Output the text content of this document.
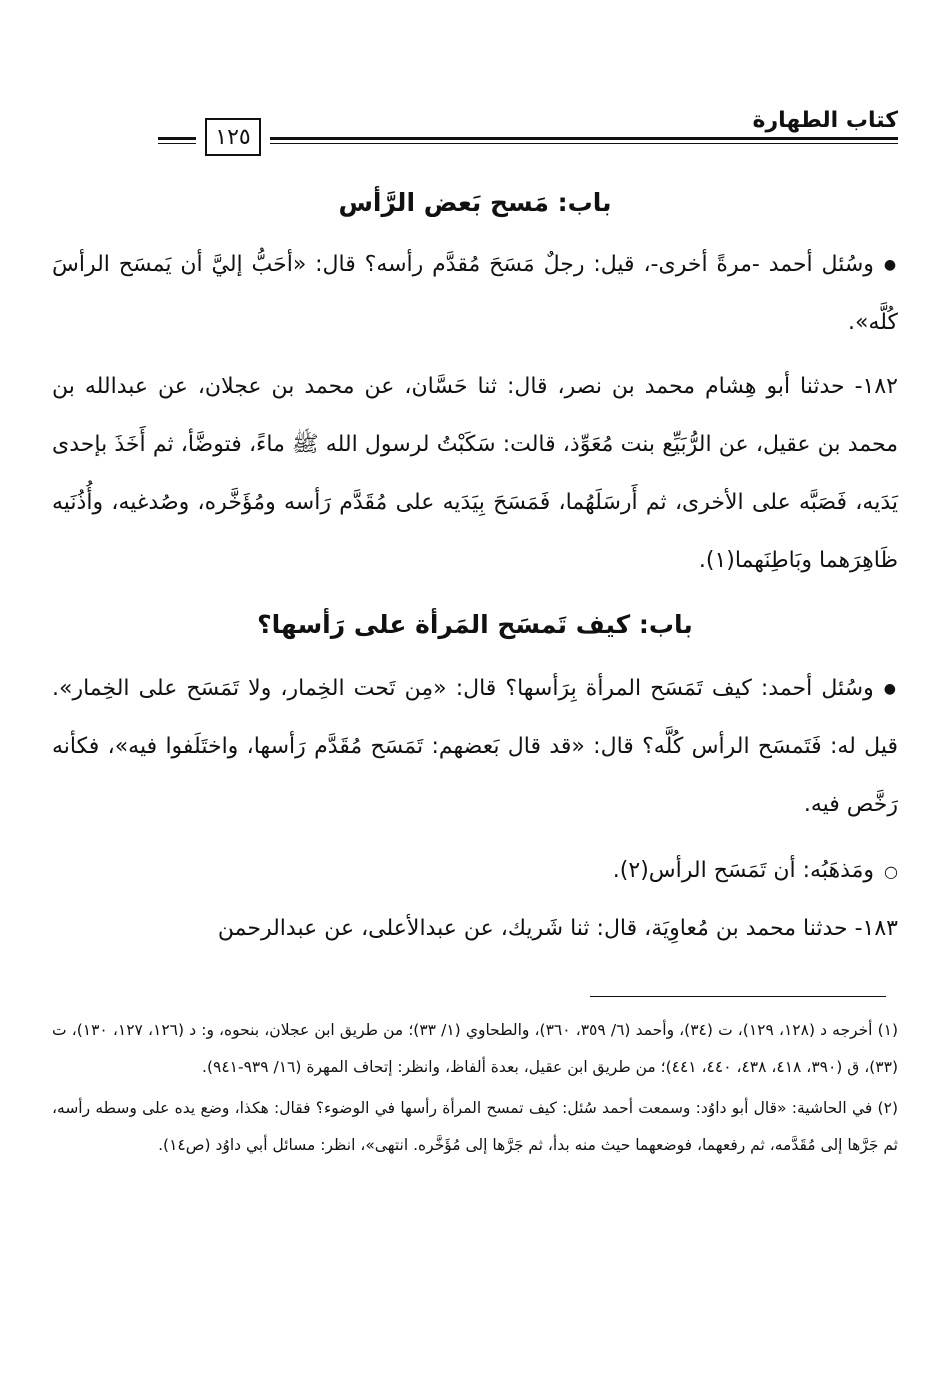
كتاب الطهارة
١٢٥
باب: مَسح بَعض الرَّأس

●وسُئل أحمد -مرةً أخرى-، قيل: رجلٌ مَسَحَ مُقدَّم رأسه؟ قال: «أحَبُّ إليَّ أن يَمسَح الرأسَ كُلَّه».

١٨٢- حدثنا أبو هِشام محمد بن نصر، قال: ثنا حَسَّان، عن محمد بن عجلان، عن عبدالله بن محمد بن عقيل، عن الرُّبَيِّع بنت مُعَوِّذ، قالت: سَكَبْتُ لرسول الله ﷺ ماءً، فتوضَّأ، ثم أَخَذَ بإحدى يَدَيه، فَصَبَّه على الأخرى، ثم أَرسَلَهُما، فَمَسَحَ بِيَدَيه على مُقَدَّم رَأسه ومُؤَخَّره، وصُدغيه، وأُذُنَيه ظَاهِرَهما وبَاطِنَهما(١).

باب: كيف تَمسَح المَرأة على رَأسها؟

●وسُئل أحمد: كيف تَمَسَح المرأة بِرَأسها؟ قال: «مِن تَحت الخِمار، ولا تَمَسَح على الخِمار». قيل له: فَتَمسَح الرأس كُلَّه؟ قال: «قد قال بَعضهم: تَمَسَح مُقَدَّم رَأسها، واختَلَفوا فيه»، فكأنه رَخَّص فيه.

○ومَذهَبُه: أن تَمَسَح الرأس(٢).

١٨٣- حدثنا محمد بن مُعاوِيَة، قال: ثنا شَريك، عن عبدالأعلى، عن عبدالرحمن

(١) أخرجه د (١٢٨، ١٢٩)، ت (٣٤)، وأحمد (٦/ ٣٥٩، ٣٦٠)، والطحاوي (١/ ٣٣)؛ من طريق ابن عجلان، بنحوه، و: د (١٢٦، ١٢٧، ١٣٠)، ت (٣٣)، ق (٣٩٠، ٤١٨، ٤٣٨، ٤٤٠، ٤٤١)؛ من طريق ابن عقيل، بعدة ألفاظ، وانظر: إتحاف المهرة (١٦/ ٩٣٩-٩٤١).

(٢) في الحاشية: «قال أبو داوُد: وسمعت أحمد سُئل: كيف تمسح المرأة رأسها في الوضوء؟ فقال: هكذا، وضع يده على وسطه رأسه، ثم جَرَّها إلى مُقَدَّمه، ثم رفعهما، فوضعهما حيث منه بدأ، ثم جَرَّها إلى مُؤَخَّره. انتهى»، انظر: مسائل أبي داوُد (ص١٤).
